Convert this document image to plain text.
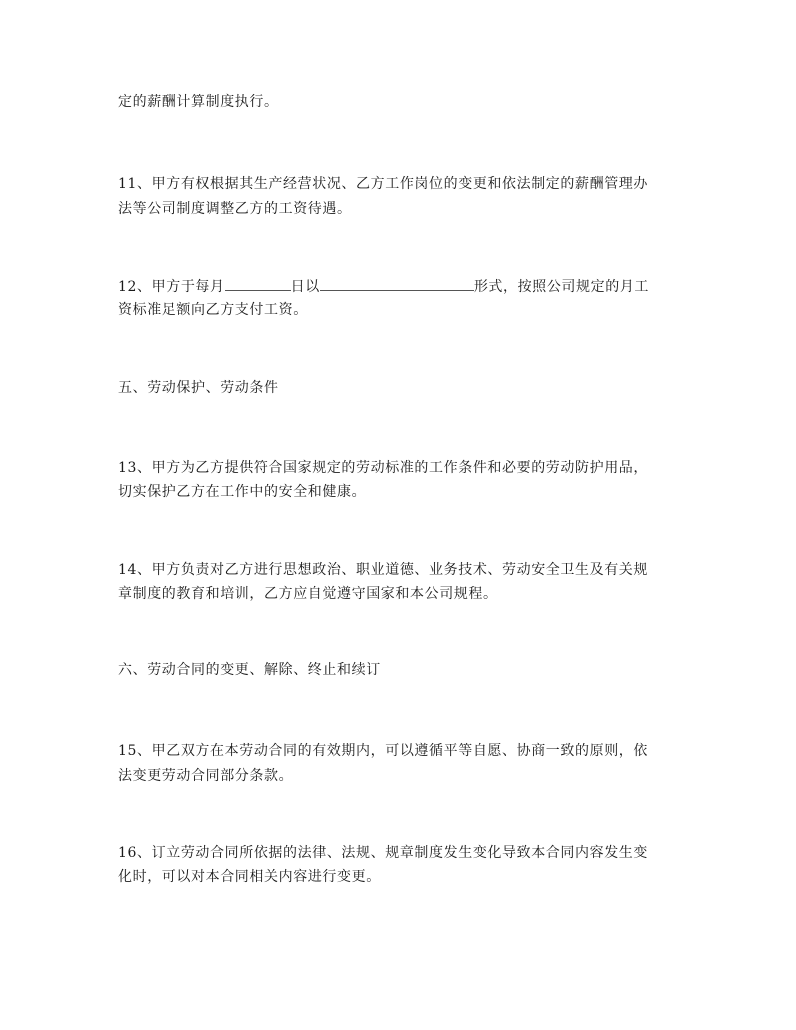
定的薪酬计算制度执行。
11、甲方有权根据其生产经营状况、乙方工作岗位的变更和依法制定的薪酬管理办
法等公司制度调整乙方的工资待遇。
12、甲方于每月	日以	形式，按照公司规定的月工
资标准足额向乙方支付工资。
五、劳动保护、劳动条件
13、甲方为乙方提供符合国家规定的劳动标准的工作条件和必要的劳动防护用品，
切实保护乙方在工作中的安全和健康。
14、甲方负责对乙方进行思想政治、职业道德、业务技术、劳动安全卫生及有关规
章制度的教育和培训，乙方应自觉遵守国家和本公司规程。
六、劳动合同的变更、解除、终止和续订
15、甲乙双方在本劳动合同的有效期内，可以遵循平等自愿、协商一致的原则，依
法变更劳动合同部分条款。
16、订立劳动合同所依据的法律、法规、规章制度发生变化导致本合同内容发生变
化时，可以对本合同相关内容进行变更。
